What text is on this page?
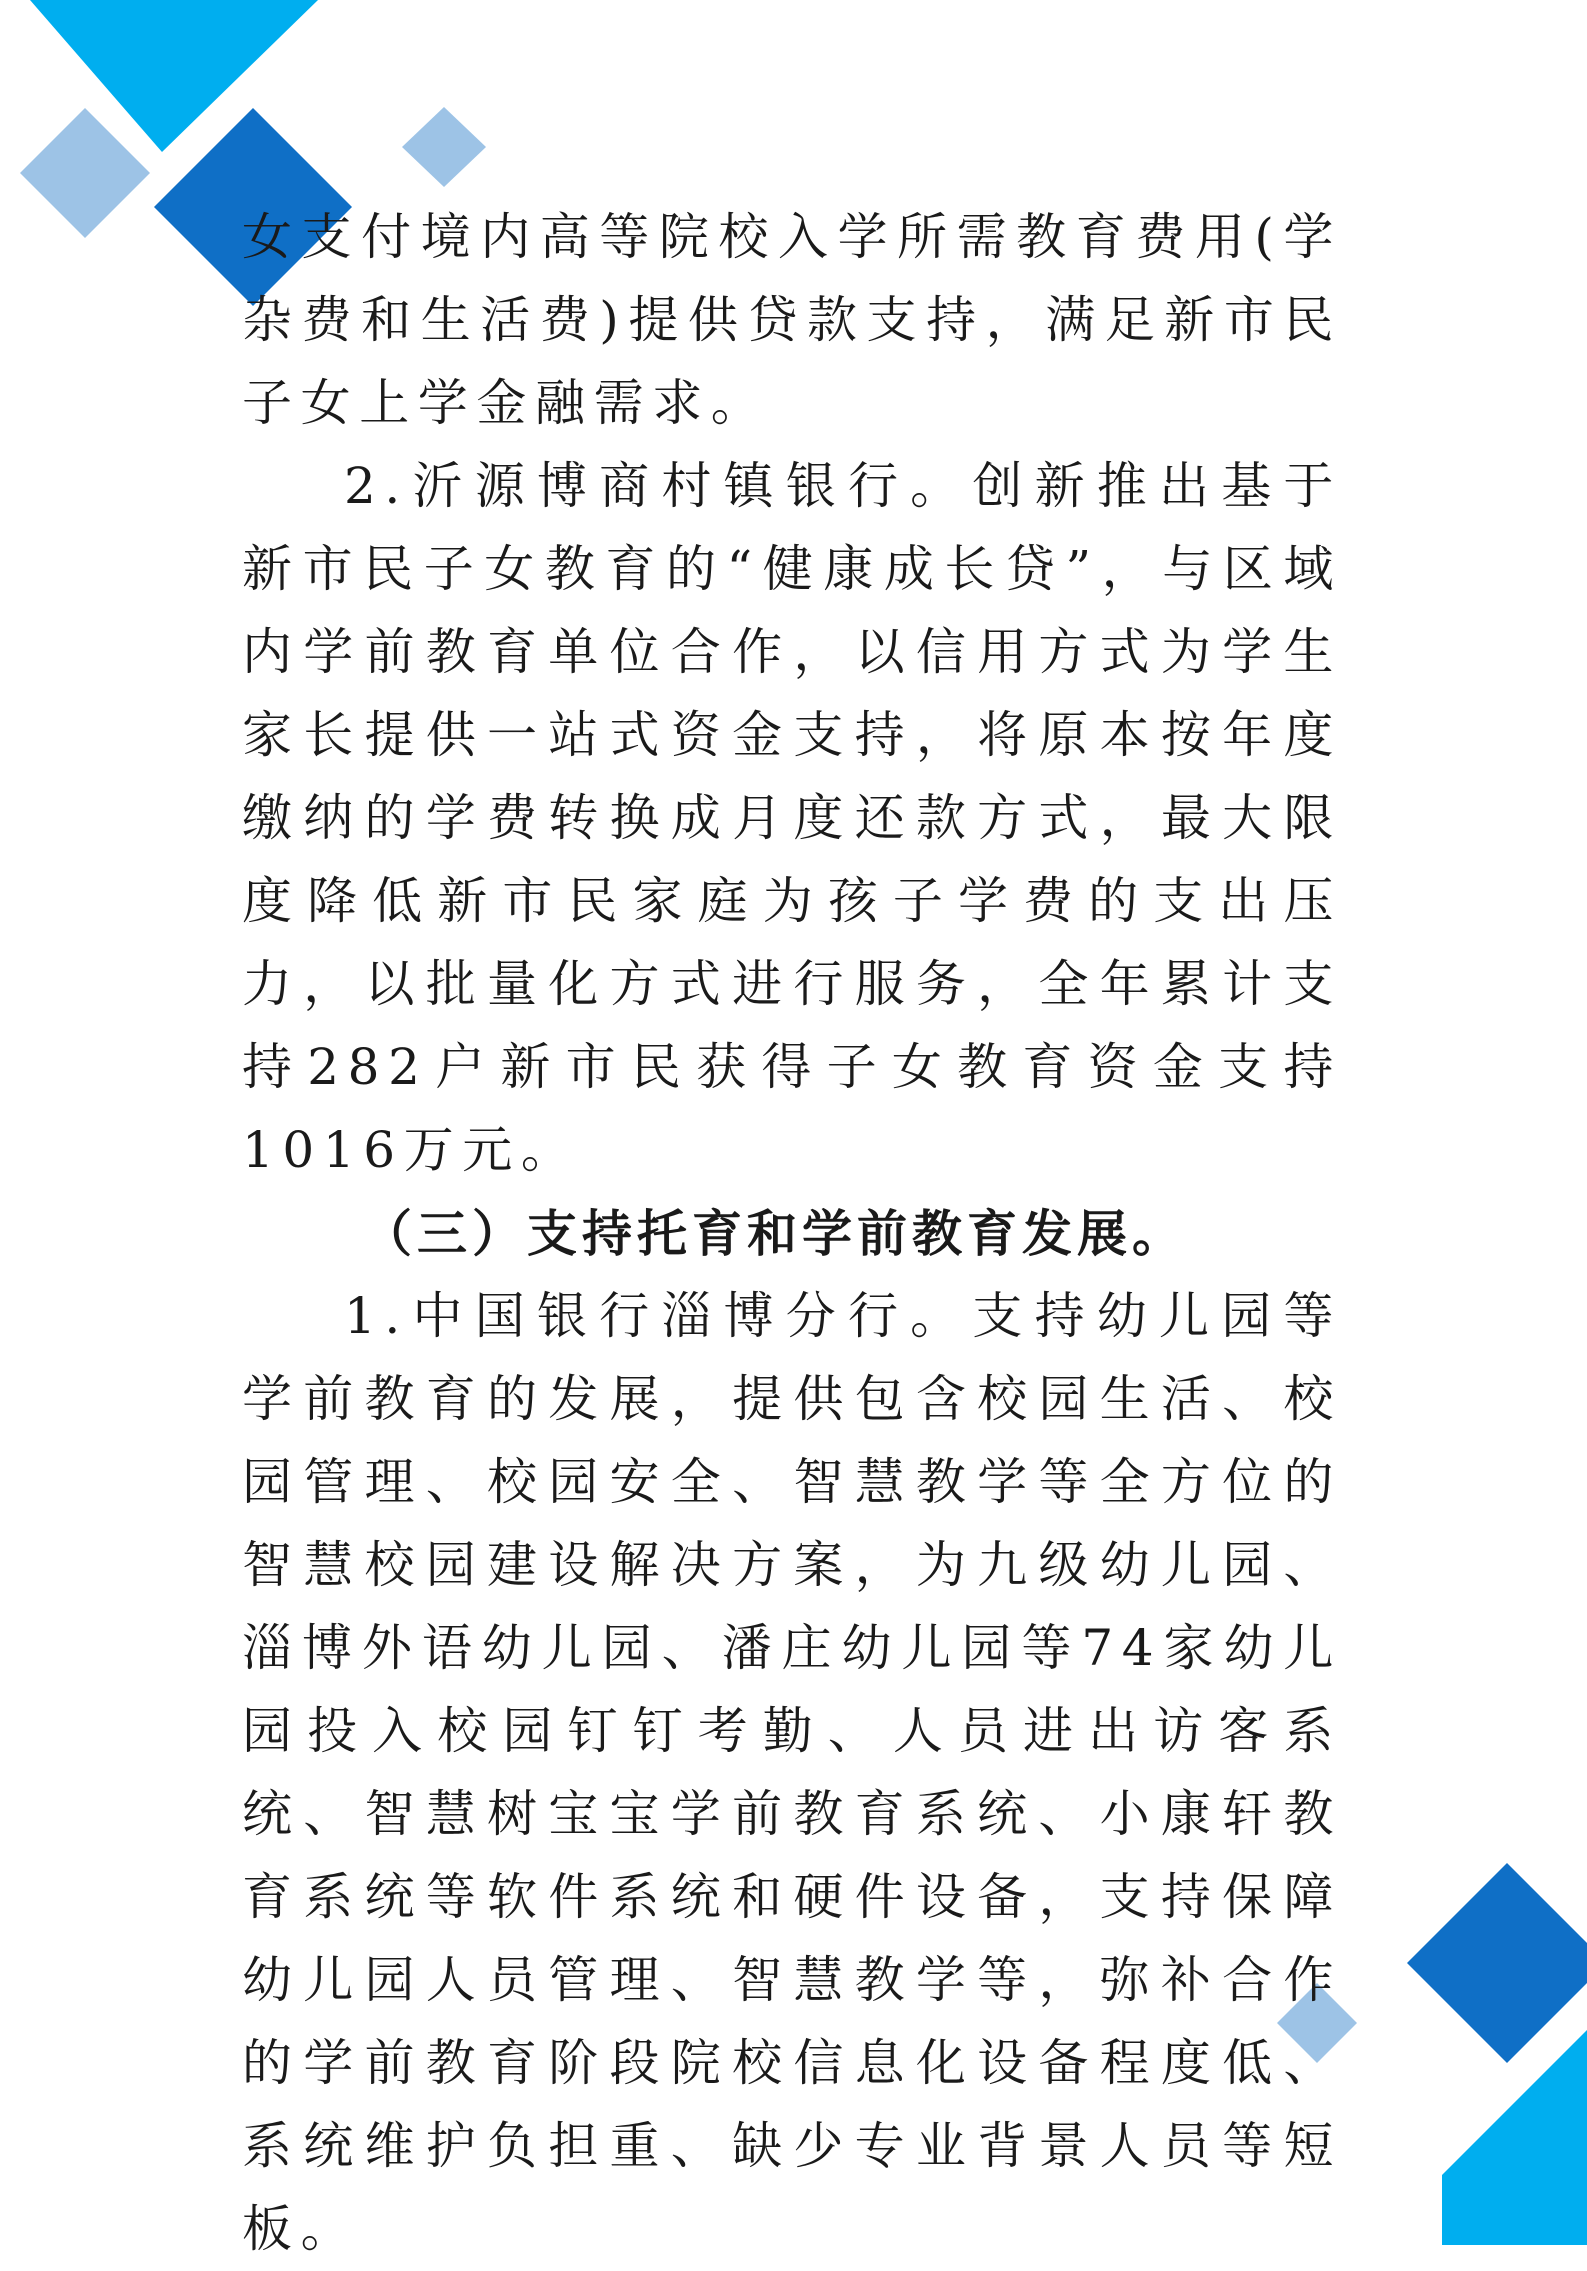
女支付境内高等院校入学所需教育费用(学杂费和生活费)提供贷款支持，满足新市民子女上学金融需求。

2.沂源博商村镇银行。创新推出基于新市民子女教育的“健康成长贷”，与区域内学前教育单位合作，以信用方式为学生家长提供一站式资金支持，将原本按年度缴纳的学费转换成月度还款方式，最大限度降低新市民家庭为孩子学费的支出压力，以批量化方式进行服务，全年累计支持282户新市民获得子女教育资金支持1016万元。

（三）支持托育和学前教育发展。

1.中国银行淄博分行。支持幼儿园等学前教育的发展，提供包含校园生活、校园管理、校园安全、智慧教学等全方位的智慧校园建设解决方案，为九级幼儿园、淄博外语幼儿园、潘庄幼儿园等74家幼儿园投入校园钉钉考勤、人员进出访客系统、智慧树宝宝学前教育系统、小康轩教育系统等软件系统和硬件设备，支持保障幼儿园人员管理、智慧教学等，弥补合作的学前教育阶段院校信息化设备程度低、系统维护负担重、缺少专业背景人员等短板。
